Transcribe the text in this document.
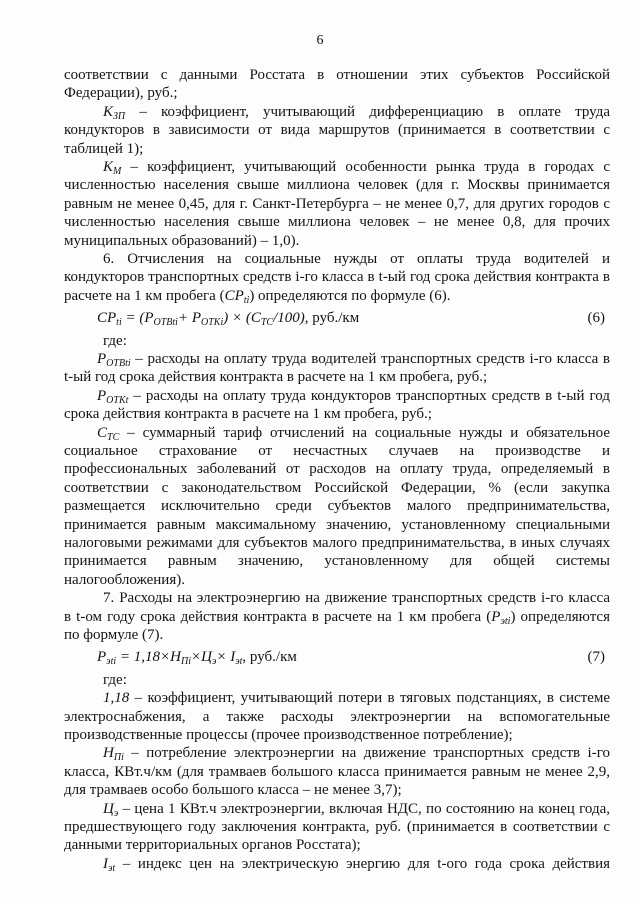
6
соответствии с данными Росстата в отношении этих субъектов Российской
Федерации), руб.;
$К_{ЗП}$ – коэффициент, учитывающий дифференциацию в оплате труда
кондукторов в зависимости от вида маршрутов (принимается в соответствии с
таблицей 1);
$К_М$ – коэффициент, учитывающий особенности рынка труда в городах с
численностью населения свыше миллиона человек (для г. Москвы принимается
равным не менее 0,45, для г. Санкт-Петербурга – не менее 0,7, для других городов с
численностью населения свыше миллиона человек – не менее 0,8, для прочих
муниципальных образований) – 1,0).
6. Отчисления на социальные нужды от оплаты труда водителей и
кондукторов транспортных средств i-го класса в t-ый год срока действия контракта в
расчете на 1 км пробега $(СР_{ti})$ определяются по формуле (6).
$CP_{ti} = (P_{OTBti}+ P_{OTKi}) \times (C_{TC}/100)$, руб./км	(6)
где:
$Р_{ОТВti}$ – расходы на оплату труда водителей транспортных средств i-го класса в
t-ый год срока действия контракта в расчете на 1 км пробега, руб.;
$Р_{ОТКt}$ – расходы на оплату труда кондукторов транспортных средств в t-ый год
срока действия контракта в расчете на 1 км пробега, руб.;
$С_{ТС}$ – суммарный тариф отчислений на социальные нужды и обязательное
социальное страхование от несчастных случаев на производстве и
профессиональных заболеваний от расходов на оплату труда, определяемый в
соответствии с законодательством Российской Федерации, % (если закупка
размещается исключительно среди субъектов малого предпринимательства,
принимается равным максимальному значению, установленному специальными
налоговыми режимами для субъектов малого предпринимательства, в иных случаях
принимается равным значению, установленному для общей системы
налогообложения).
7. Расходы на электроэнергию на движение транспортных средств i-го класса
в t-ом году срока действия контракта в расчете на 1 км пробега $(Р_{эti})$ определяются
по формуле (7).
$Р_{эti} = 1,18\times Н_{Пi}\times Ц_э\times I_{эt}$, руб./км	(7)
где:
1,18 – коэффициент, учитывающий потери в тяговых подстанциях, в системе
электроснабжения, а также расходы электроэнергии на вспомогательные
производственные процессы (прочее производственное потребление);
$Н_{Пi}$ – потребление электроэнергии на движение транспортных средств i-го
класса, КВт.ч/км (для трамваев большого класса принимается равным не менее 2,9,
для трамваев особо большого класса – не менее 3,7);
$Ц_э$ – цена 1 КВт.ч электроэнергии, включая НДС, по состоянию на конец года,
предшествующего году заключения контракта, руб. (принимается в соответствии с
данными территориальных органов Росстата);
$I_{эt}$ – индекс цен на электрическую энергию для t-ого года срока действия
